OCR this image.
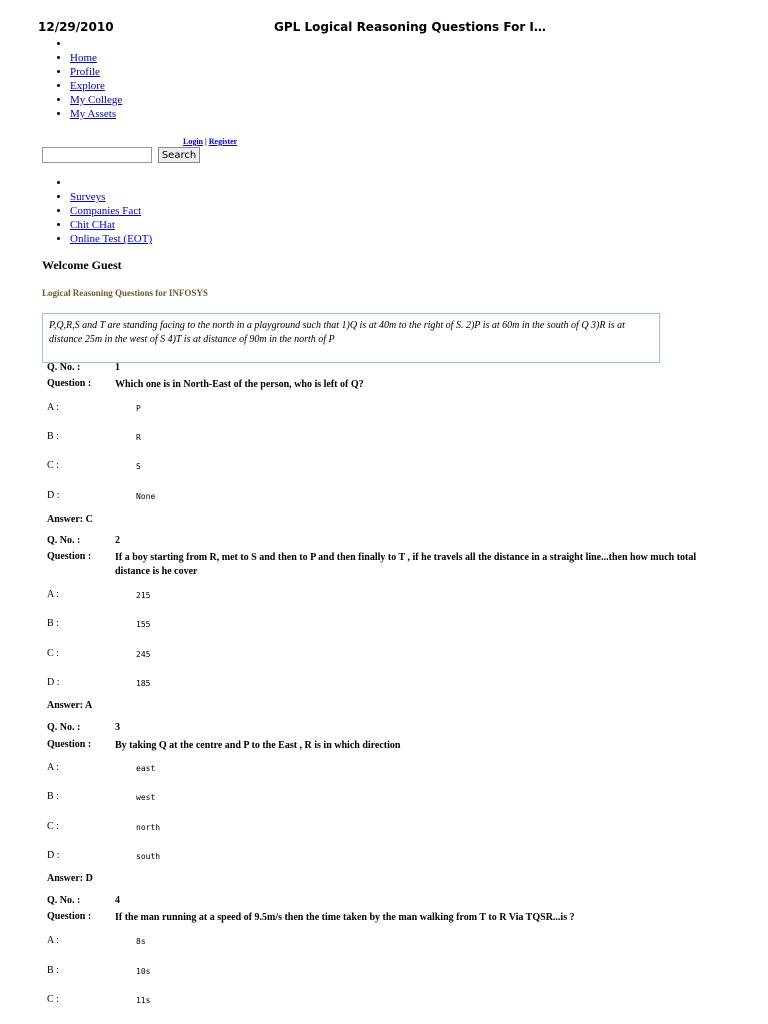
12/29/2010	GPL Logical Reasoning Questions For I…
•
• Home
• Profile
• Explore
• My College
• My Assets
Login | Register
Search
•
• Surveys
• Companies Fact
• Chit CHat
• Online Test (EOT)
Welcome Guest
Logical Reasoning Questions for INFOSYS
P,Q,R,S and T are standing facing to the north in a playground such that 1)Q is at 40m to the right of S. 2)P is at 60m in the south of Q 3)R is at distance 25m in the west of S 4)T is at distance of 90m in the north of P
Q. No. :	1
Question : Which one is in North-East of the person, who is left of Q?
A :	P
B :	R
C :	S
D :	None
Answer: C
Q. No. :	2
Question : If a boy starting from R, met to S and then to P and then finally to T , if he travels all the distance in a straight line...then how much total distance is he cover
A :	215
B :	155
C :	245
D :	185
Answer: A
Q. No. :	3
Question : By taking Q at the centre and P to the East , R is in which direction
A :	east
B :	west
C :	north
D :	south
Answer: D
Q. No. :	4
Question : If the man running at a speed of 9.5m/s then the time taken by the man walking from T to R Via TQSR...is ?
A :	8s
B :	10s
C :	11s
